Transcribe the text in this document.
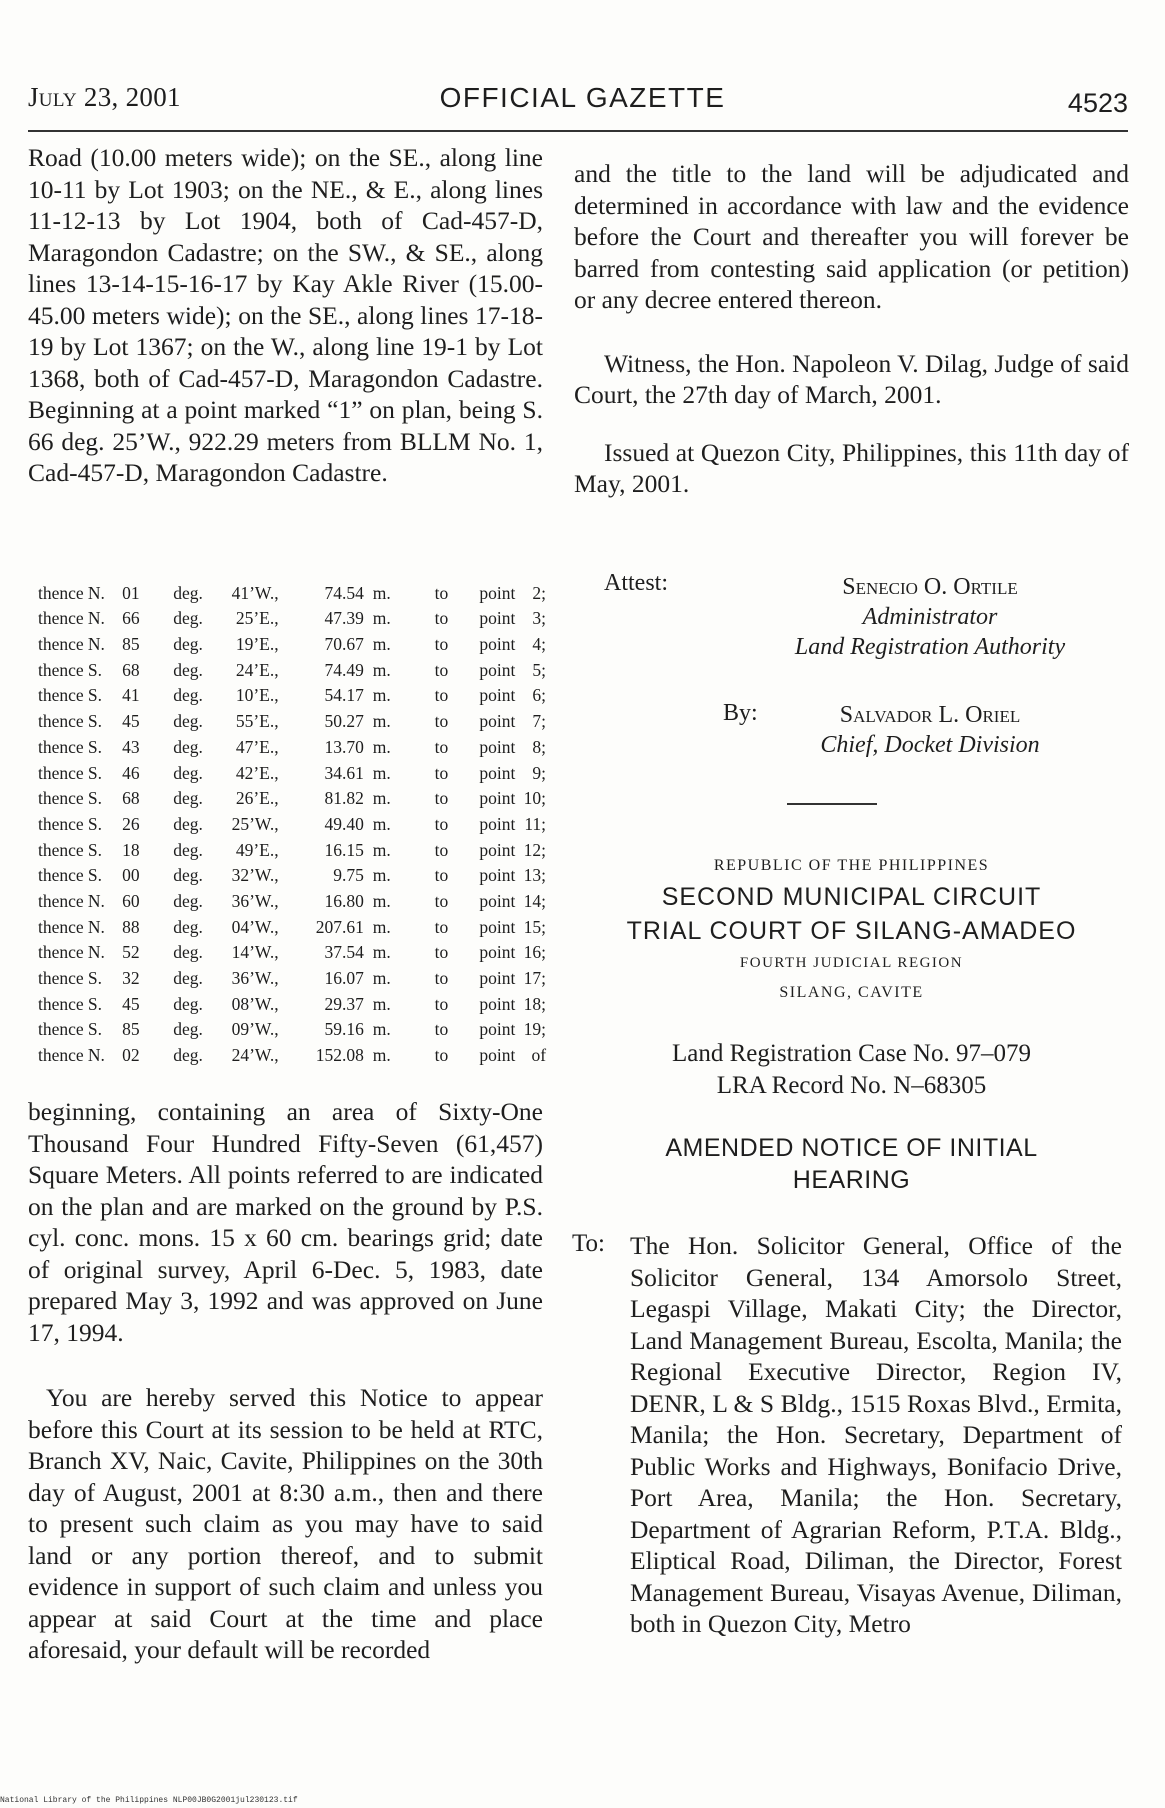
July 23, 2001	OFFICIAL GAZETTE	4523

Road (10.00 meters wide); on the SE., along line 10-11 by Lot 1903; on the NE., & E., along lines 11-12-13 by Lot 1904, both of Cad-457-D, Maragondon Cadastre; on the SW., & SE., along lines 13-14-15-16-17 by Kay Akle River (15.00-45.00 meters wide); on the SE., along lines 17-18-19 by Lot 1367; on the W., along line 19-1 by Lot 1368, both of Cad-457-D, Maragondon Cadastre. Beginning at a point marked “1” on plan, being S. 66 deg. 25’W., 922.29 meters from BLLM No. 1, Cad-457-D, Maragondon Cadastre.

thence N. 01	deg.	41’W.,	74.54 m.	to	point 2;
thence N. 66	deg.	25’E.,	47.39 m.	to	point 3;
thence N. 85	deg.	19’E.,	70.67 m.	to	point 4;
thence S.	68	deg.	24’E.,	74.49 m.	to	point 5;
thence S.	41	deg.	10’E.,	54.17 m.	to	point 6;
thence S.	45	deg.	55’E.,	50.27 m.	to	point 7;
thence S.	43	deg.	47’E.,	13.70 m.	to	point 8;
thence S.	46	deg.	42’E.,	34.61 m.	to	point 9;
thence S.	68	deg.	26’E.,	81.82 m.	to	point 10;
thence S.	26	deg.	25’W.,	49.40 m.	to	point 11;
thence S.	18	deg.	49’E.,	16.15 m.	to	point 12;
thence S.	00	deg.	32’W.,	9.75 m.	to	point 13;
thence N. 60	deg.	36’W.,	16.80 m.	to	point 14;
thence N. 88	deg.	04’W.,	207.61 m.	to	point 15;
thence N. 52	deg.	14’W.,	37.54 m.	to	point 16;
thence S.	32	deg.	36’W.,	16.07 m.	to	point 17;
thence S.	45	deg.	08’W.,	29.37 m.	to	point 18;
thence S.	85	deg.	09’W.,	59.16 m.	to	point 19;
thence N. 02	deg.	24’W.,	152.08 m.	to	point of

beginning, containing an area of Sixty-One Thousand Four Hundred Fifty-Seven (61,457) Square Meters. All points referred to are indicated on the plan and are marked on the ground by P.S. cyl. conc. mons. 15 x 60 cm. bearings grid; date of original survey, April 6-Dec. 5, 1983, date prepared May 3, 1992 and was approved on June 17, 1994.

You are hereby served this Notice to appear before this Court at its session to be held at RTC, Branch XV, Naic, Cavite, Philippines on the 30th day of August, 2001 at 8:30 a.m., then and there to present such claim as you may have to said land or any portion thereof, and to submit evidence in support of such claim and unless you appear at said Court at the time and place aforesaid, your default will be recorded

and the title to the land will be adjudicated and determined in accordance with law and the evidence before the Court and thereafter you will forever be barred from contesting said application (or petition) or any decree entered thereon.

Witness, the Hon. Napoleon V. Dilag, Judge of said Court, the 27th day of March, 2001.

Issued at Quezon City, Philippines, this 11th day of May, 2001.

Attest:	Senecio O. Ortile
Administrator
Land Registration Authority
By:	Salvador L. Oriel
Chief, Docket Division
REPUBLIC OF THE PHILIPPINES
SECOND MUNICIPAL CIRCUIT
TRIAL COURT OF SILANG-AMADEO
FOURTH JUDICIAL REGION
SILANG, CAVITE
Land Registration Case No. 97–079
LRA Record No. N–68305
AMENDED NOTICE OF INITIAL
HEARING
To: The Hon. Solicitor General, Office of the Solicitor General, 134 Amorsolo Street, Legaspi Village, Makati City; the Director, Land Management Bureau, Escolta, Manila; the Regional Executive Director, Region IV, DENR, L & S Bldg., 1515 Roxas Blvd., Ermita, Manila; the Hon. Secretary, Department of Public Works and Highways, Bonifacio Drive, Port Area, Manila; the Hon. Secretary, Department of Agrarian Reform, P.T.A. Bldg., Eliptical Road, Diliman, the Director, Forest Management Bureau, Visayas Avenue, Diliman, both in Quezon City, Metro

National Library of the Philippines NLP00JB0G2001jul230123.tif
